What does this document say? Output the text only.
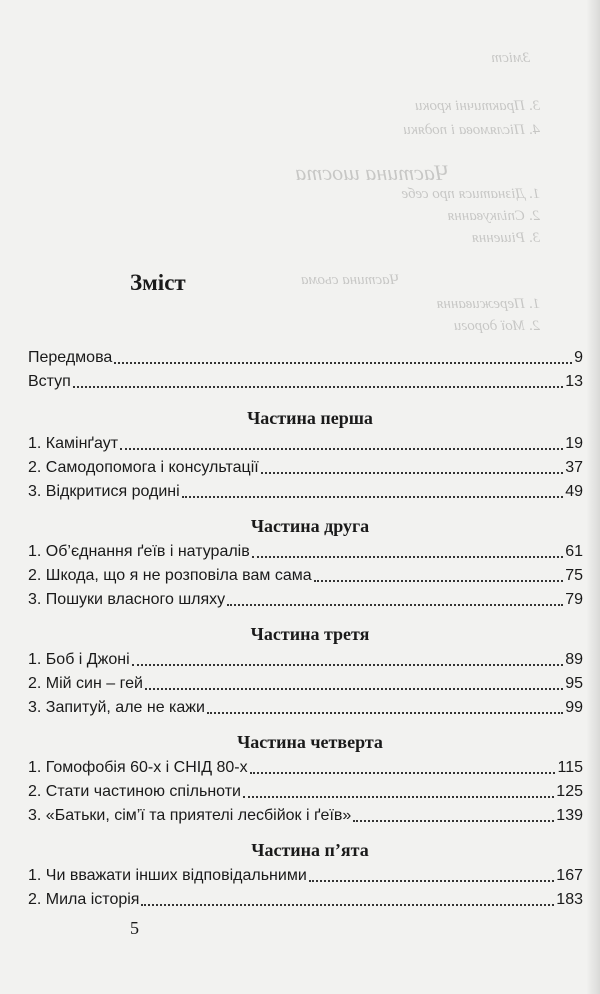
Зміст
3. Практичні кроки
4. Післямова і подяки
Частина шоста
1. Дізнатися про себе
2. Спілкування
3. Рішення
Частина сьома
1. Переживання
2. Мої дороги
Зміст
Передмова	9
Вступ	13
Частина перша
1. Камінґаут	19
2. Самодопомога і консультації	37
3. Відкритися родині	49
Частина друга
1. Об’єднання ґеїв і натуралів	61
2. Шкода, що я не розповіла вам сама	75
3. Пошуки власного шляху	79
Частина третя
1. Боб і Джоні	89
2. Мій син – гей	95
3. Запитуй, але не кажи	99
Частина четверта
1. Гомофобія 60-х і СНІД 80-х	115
2. Стати частиною спільноти	125
3. «Батьки, сім’ї та приятелі лесбійок і ґеїв»	139
Частина п’ята
1. Чи вважати інших відповідальними	167
2. Мила історія	183
5
